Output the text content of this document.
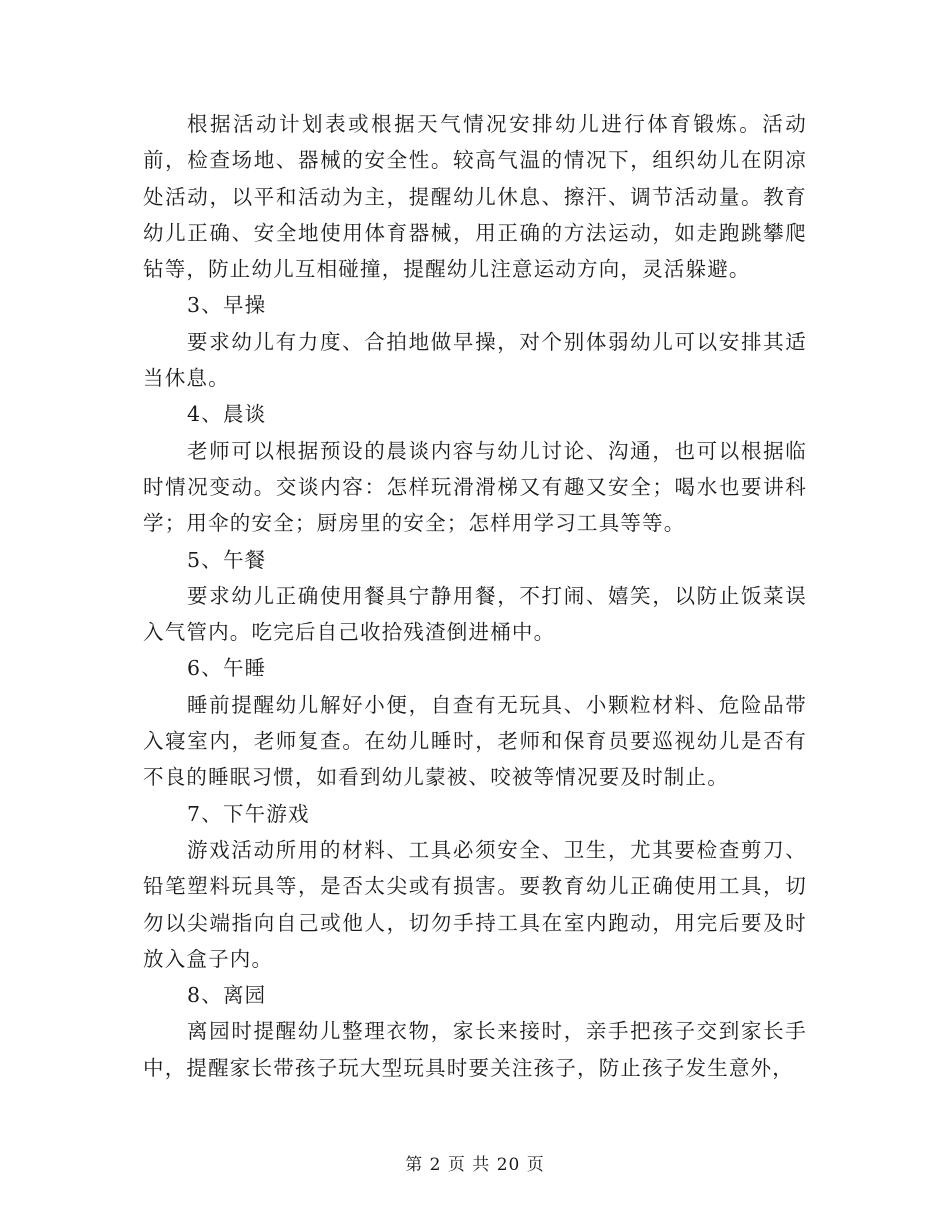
根据活动计划表或根据天气情况安排幼儿进行体育锻炼。活动前，检查场地、器械的安全性。较高气温的情况下，组织幼儿在阴凉处活动，以平和活动为主，提醒幼儿休息、擦汗、调节活动量。教育幼儿正确、安全地使用体育器械，用正确的方法运动，如走跑跳攀爬钻等，防止幼儿互相碰撞，提醒幼儿注意运动方向，灵活躲避。

3、早操

要求幼儿有力度、合拍地做早操，对个别体弱幼儿可以安排其适当休息。

4、晨谈

老师可以根据预设的晨谈内容与幼儿讨论、沟通，也可以根据临时情况变动。交谈内容：怎样玩滑滑梯又有趣又安全；喝水也要讲科学；用伞的安全；厨房里的安全；怎样用学习工具等等。

5、午餐

要求幼儿正确使用餐具宁静用餐，不打闹、嬉笑，以防止饭菜误入气管内。吃完后自己收拾残渣倒进桶中。

6、午睡

睡前提醒幼儿解好小便，自查有无玩具、小颗粒材料、危险品带入寝室内，老师复查。在幼儿睡时，老师和保育员要巡视幼儿是否有不良的睡眠习惯，如看到幼儿蒙被、咬被等情况要及时制止。

7、下午游戏

游戏活动所用的材料、工具必须安全、卫生，尤其要检查剪刀、铅笔塑料玩具等，是否太尖或有损害。要教育幼儿正确使用工具，切勿以尖端指向自己或他人，切勿手持工具在室内跑动，用完后要及时放入盒子内。

8、离园

离园时提醒幼儿整理衣物，家长来接时，亲手把孩子交到家长手中，提醒家长带孩子玩大型玩具时要关注孩子，防止孩子发生意外，

第 2 页 共 20 页
